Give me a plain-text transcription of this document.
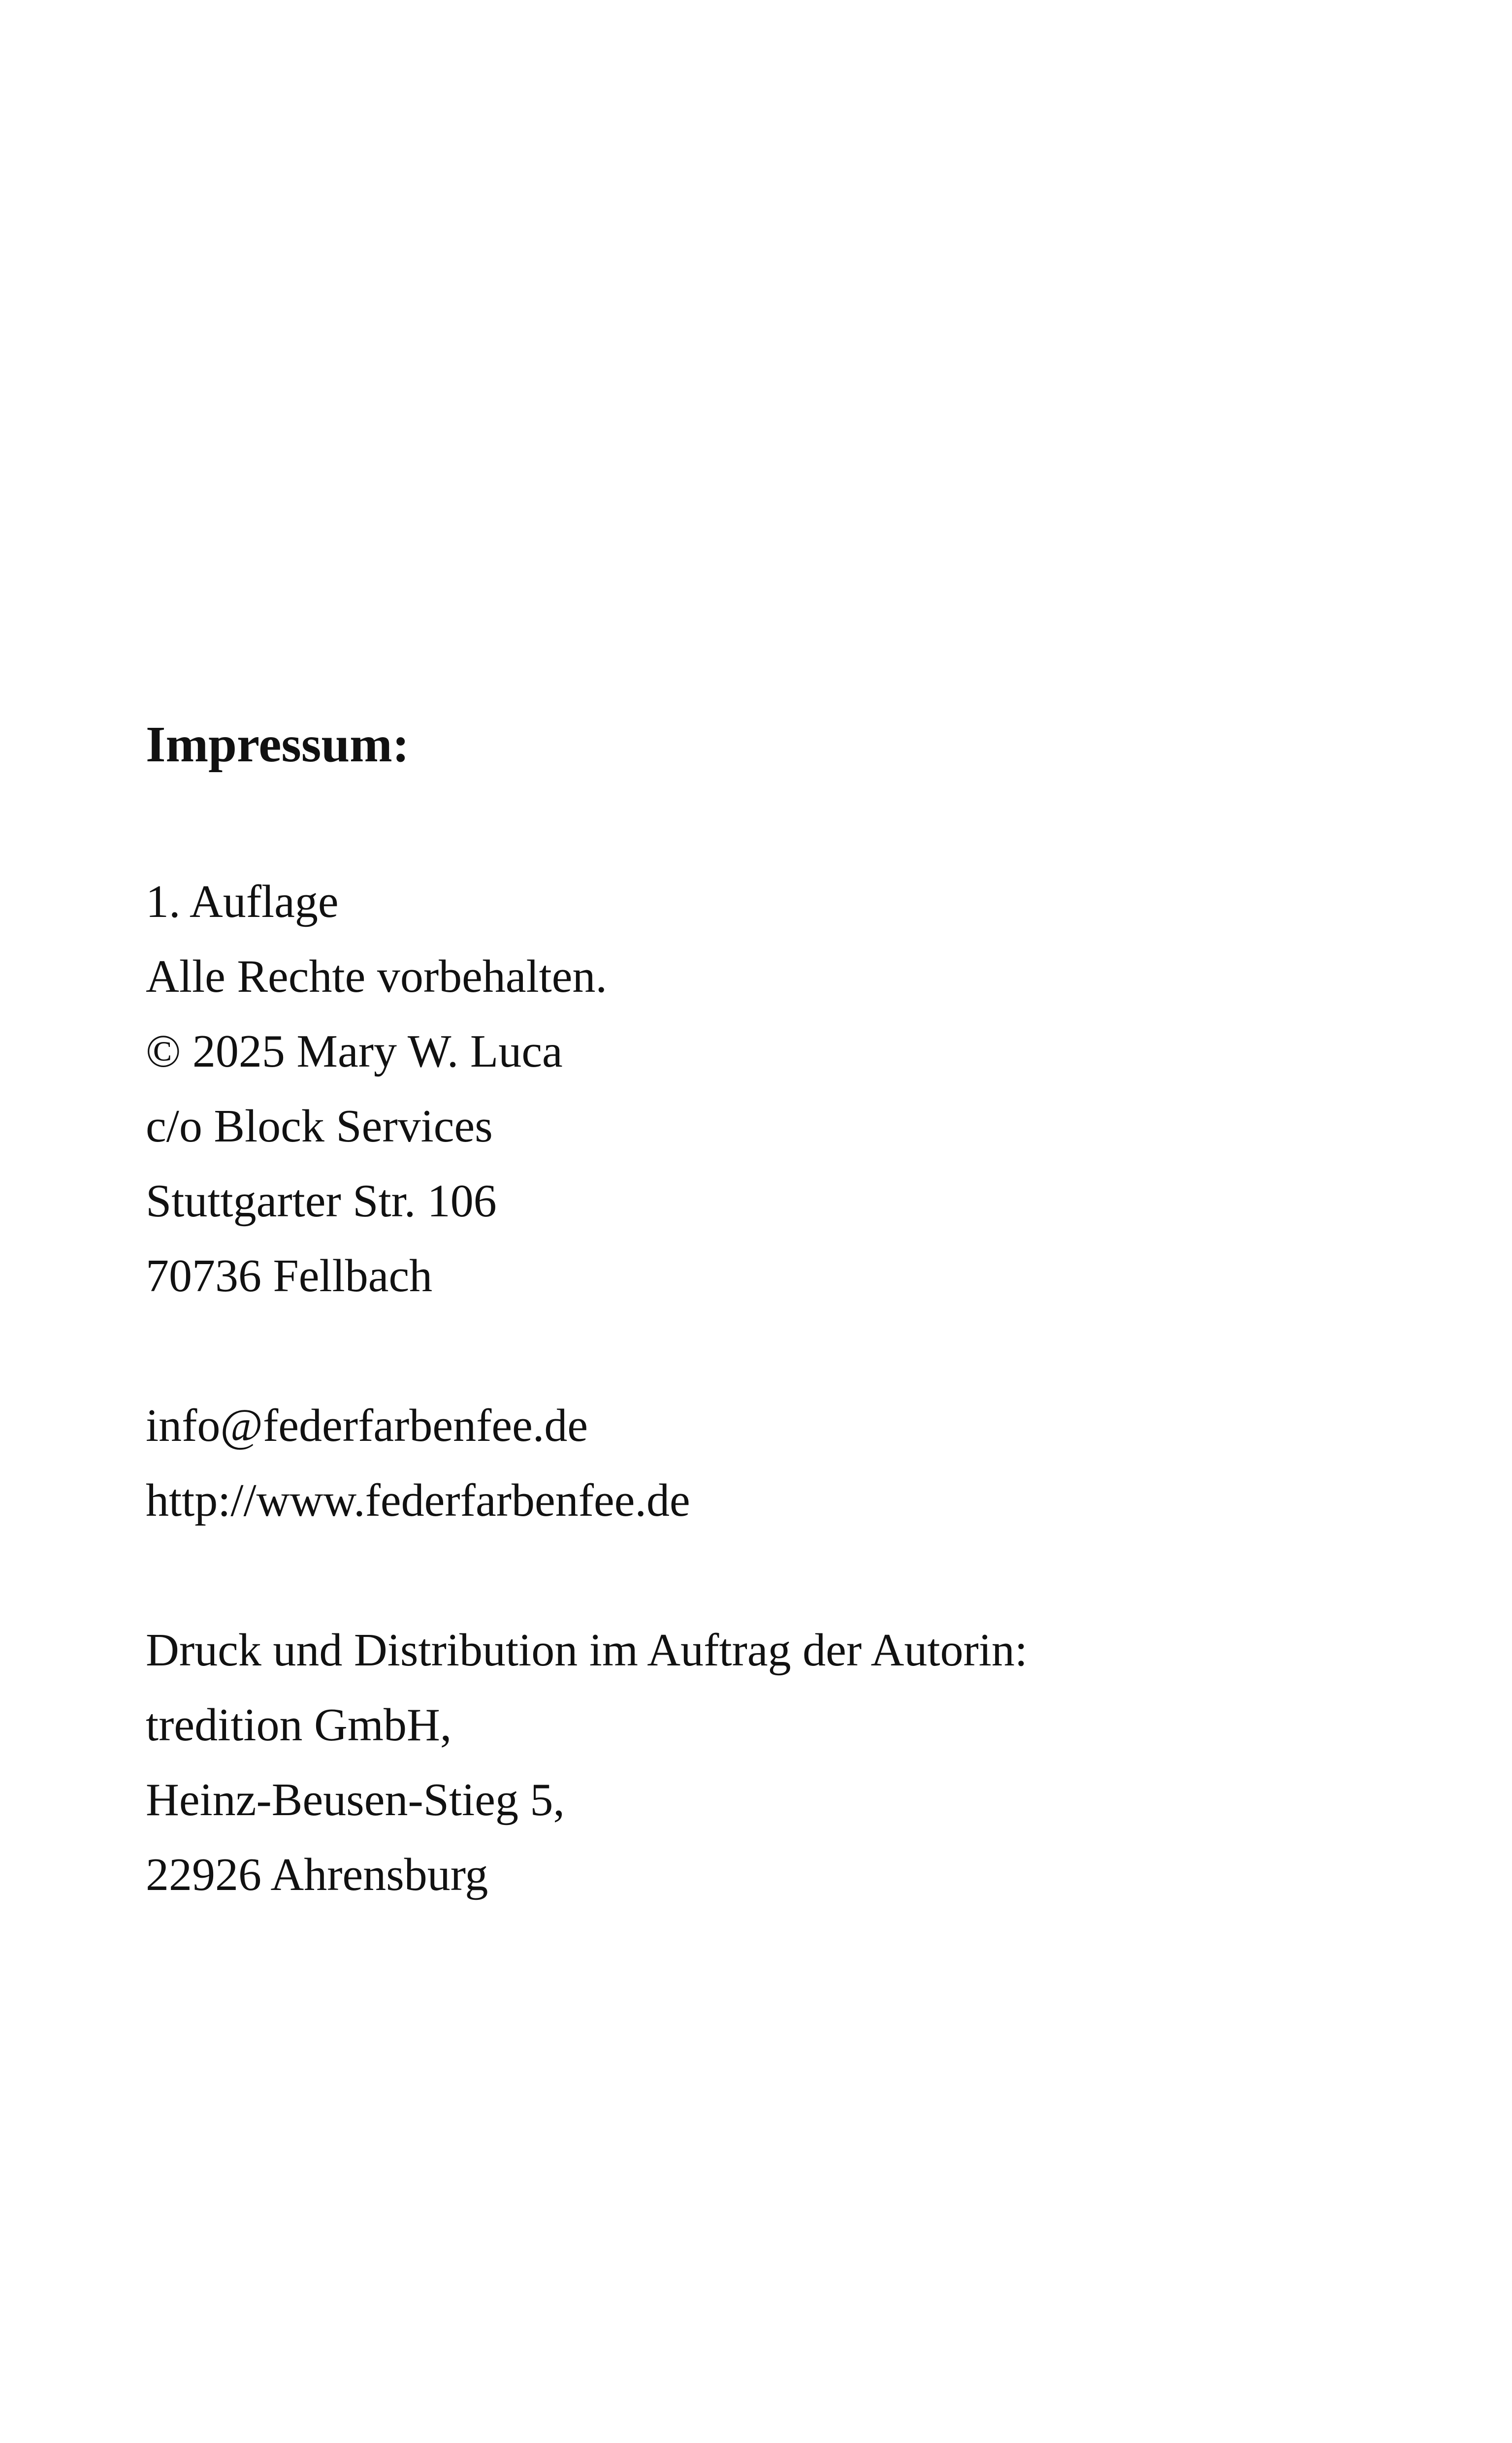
Impressum:

1. Auflage

Alle Rechte vorbehalten.

© 2025 Mary W. Luca

c/o Block Services

Stuttgarter Str. 106

70736 Fellbach

info@federfarbenfee.de

http://www.federfarbenfee.de

Druck und Distribution im Auftrag der Autorin:

tredition GmbH,

Heinz-Beusen-Stieg 5,

22926 Ahrensburg
